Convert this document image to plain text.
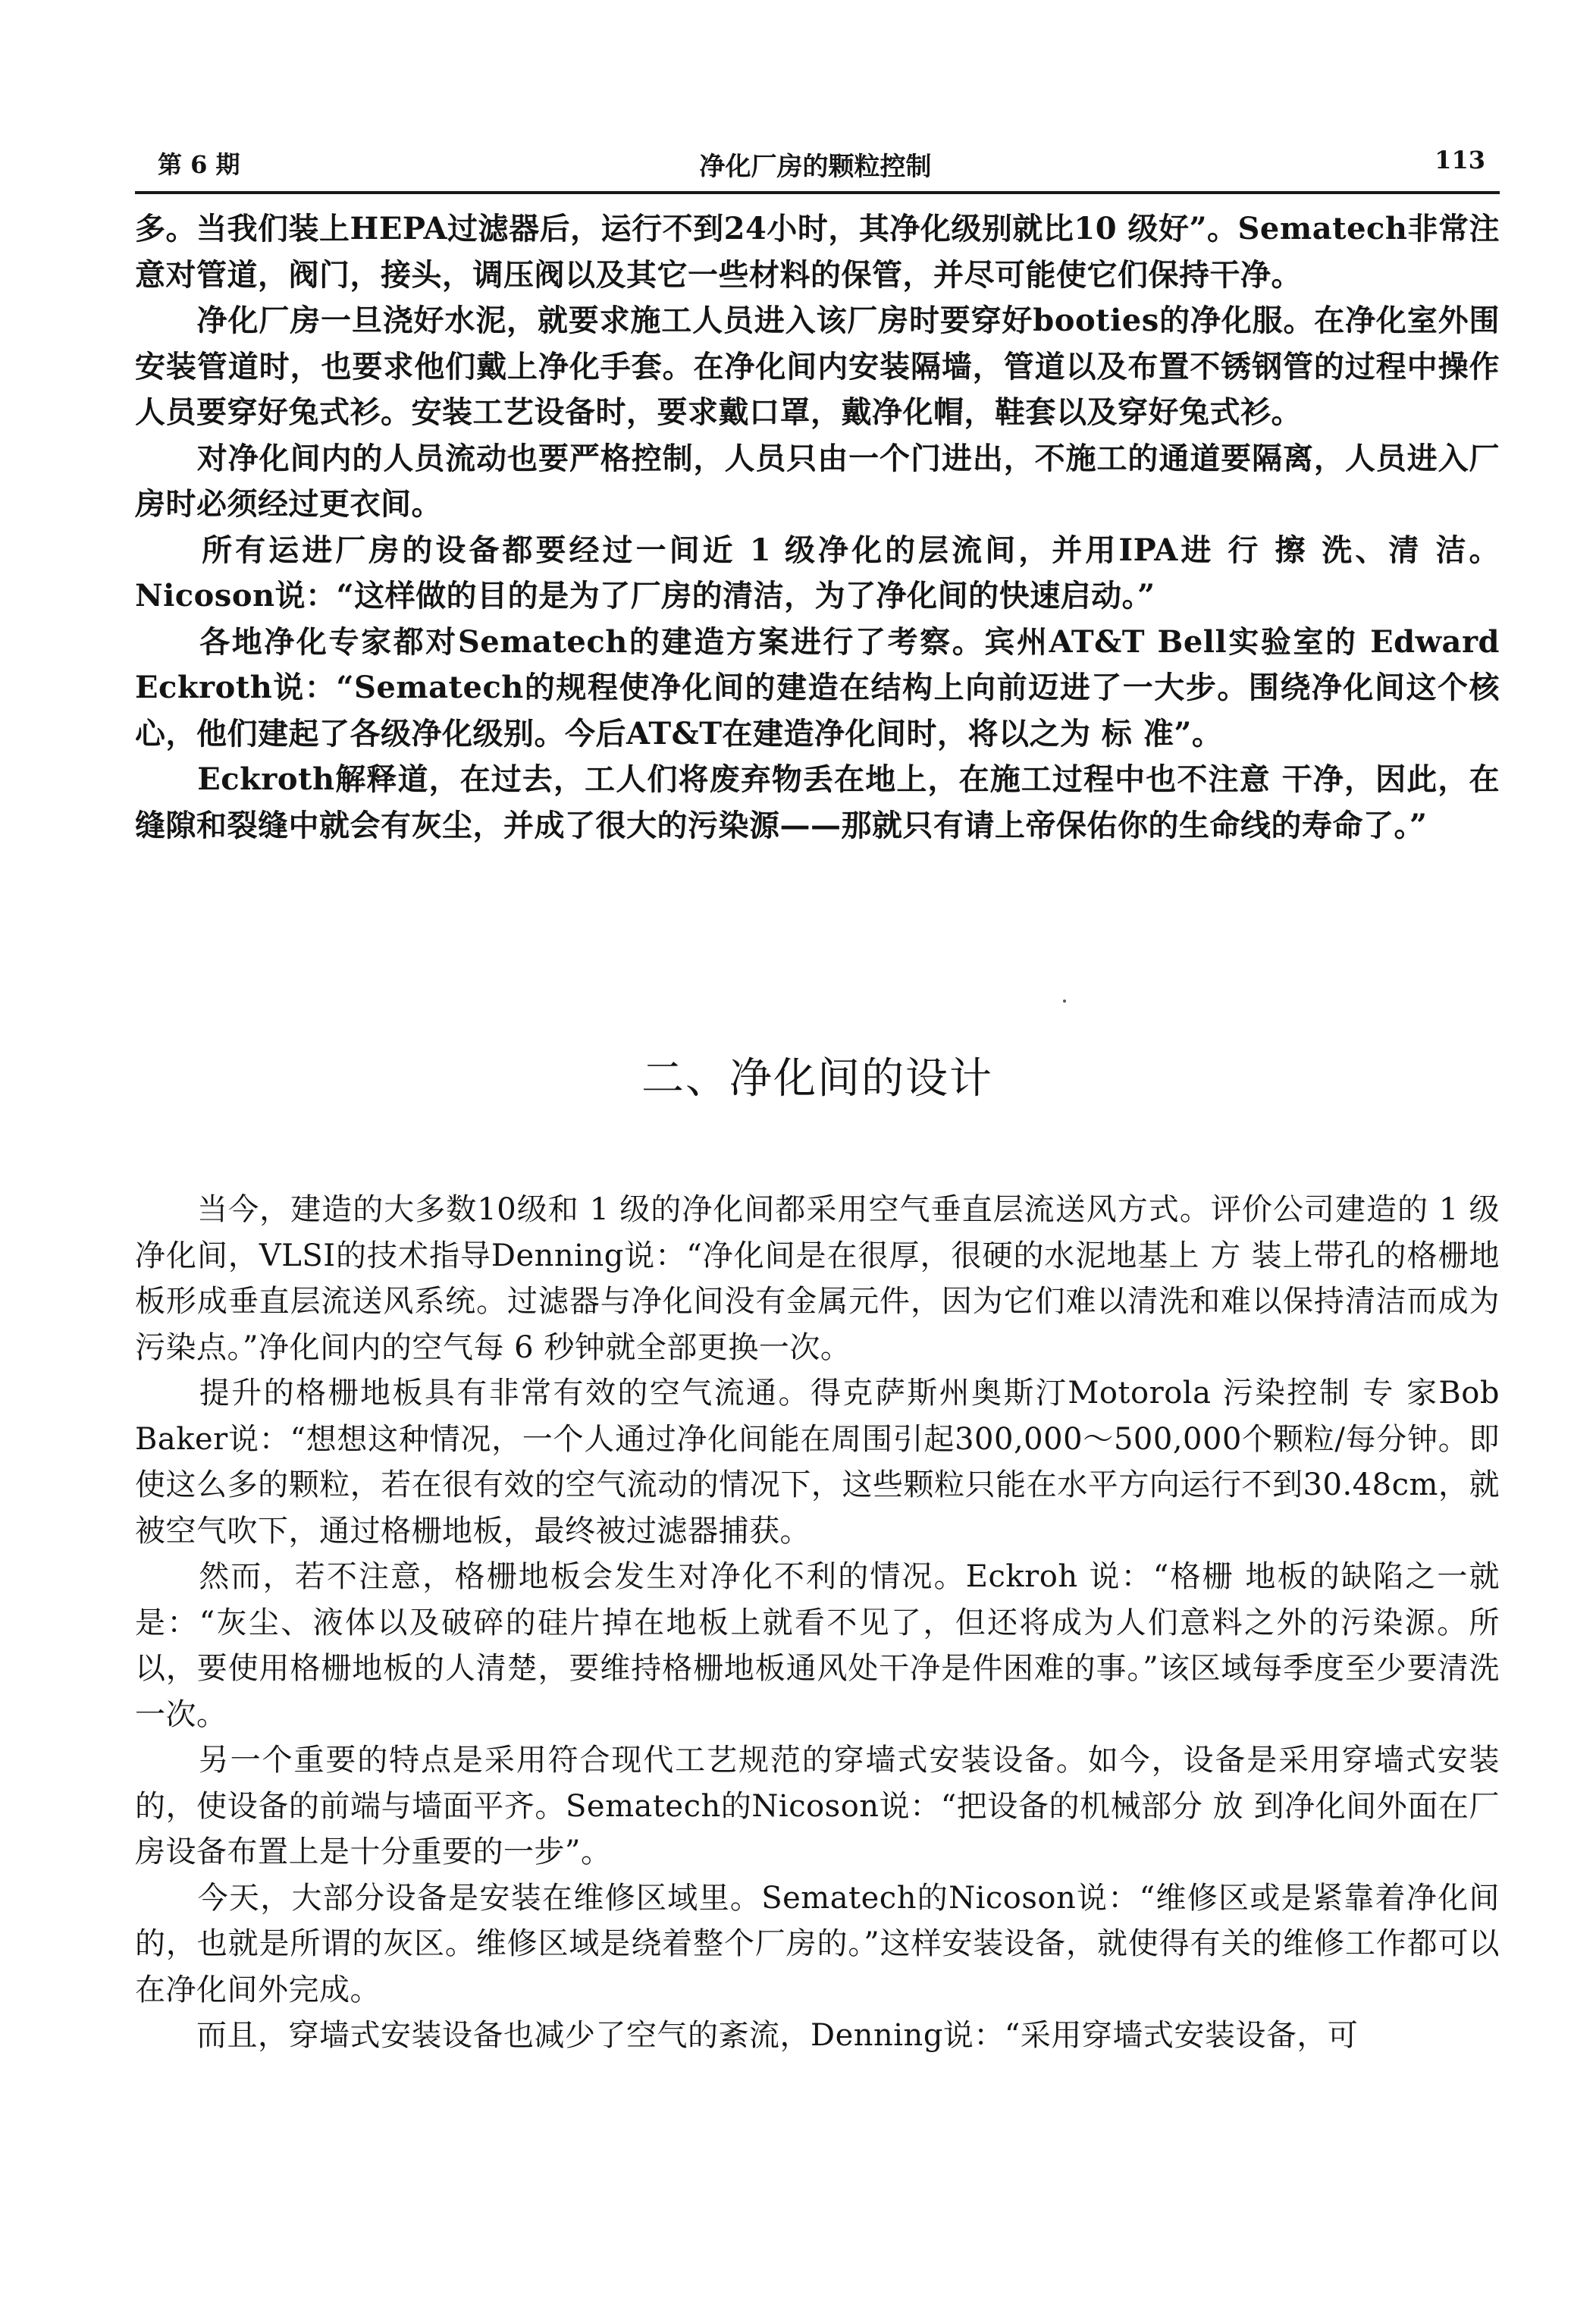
第 6 期	净化厂房的颗粒控制	113

多。当我们装上HEPA过滤器后，运行不到24小时，其净化级别就比10 级好”。Sematech非常注意对管道，阀门，接头，调压阀以及其它一些材料的保管，并尽可能使它们保持干净。

　　净化厂房一旦浇好水泥，就要求施工人员进入该厂房时要穿好booties的净化服。在净化室外围安装管道时，也要求他们戴上净化手套。在净化间内安装隔墙，管道以及布置不锈钢管的过程中操作人员要穿好兔式衫。安装工艺设备时，要求戴口罩，戴净化帽，鞋套以及穿好兔式衫。

　　对净化间内的人员流动也要严格控制，人员只由一个门进出，不施工的通道要隔离，人员进入厂房时必须经过更衣间。

　　所有运进厂房的设备都要经过一间近 1 级净化的层流间，并用IPA进 行 擦 洗、清 洁。Nicoson说：“这样做的目的是为了厂房的清洁，为了净化间的快速启动。”

　　各地净化专家都对Sematech的建造方案进行了考察。宾州AT&T Bell实验室的 Edward Eckroth说：“Sematech的规程使净化间的建造在结构上向前迈进了一大步。围绕净化间这个核心，他们建起了各级净化级别。今后AT&T在建造净化间时，将以之为 标 准”。

　　Eckroth解释道，在过去，工人们将废弃物丢在地上，在施工过程中也不注意 干净，因此，在缝隙和裂缝中就会有灰尘，并成了很大的污染源——那就只有请上帝保佑你的生命线的寿命了。”

二、净化间的设计

　　当今，建造的大多数10级和 1 级的净化间都采用空气垂直层流送风方式。评价公司建造的 1 级净化间，VLSI的技术指导Denning说：“净化间是在很厚，很硬的水泥地基上 方 装上带孔的格栅地板形成垂直层流送风系统。过滤器与净化间没有金属元件，因为它们难以清洗和难以保持清洁而成为污染点。”净化间内的空气每 6 秒钟就全部更换一次。

　　提升的格栅地板具有非常有效的空气流通。得克萨斯州奥斯汀Motorola 污染控制 专 家Bob Baker说：“想想这种情况，一个人通过净化间能在周围引起300,000～500,000个颗粒/每分钟。即使这么多的颗粒，若在很有效的空气流动的情况下，这些颗粒只能在水平方向运行不到30.48cm，就被空气吹下，通过格栅地板，最终被过滤器捕获。

　　然而，若不注意，格栅地板会发生对净化不利的情况。Eckroh 说：“格栅 地板的缺陷之一就是：“灰尘、液体以及破碎的硅片掉在地板上就看不见了，但还将成为人们意料之外的污染源。所以，要使用格栅地板的人清楚，要维持格栅地板通风处干净是件困难的事。”该区域每季度至少要清洗一次。

　　另一个重要的特点是采用符合现代工艺规范的穿墙式安装设备。如今，设备是采用穿墙式安装的，使设备的前端与墙面平齐。Sematech的Nicoson说：“把设备的机械部分 放 到净化间外面在厂房设备布置上是十分重要的一步”。

　　今天，大部分设备是安装在维修区域里。Sematech的Nicoson说：“维修区或是紧靠着净化间的，也就是所谓的灰区。维修区域是绕着整个厂房的。”这样安装设备，就使得有关的维修工作都可以在净化间外完成。

　　而且，穿墙式安装设备也减少了空气的紊流，Denning说：“采用穿墙式安装设备，可
